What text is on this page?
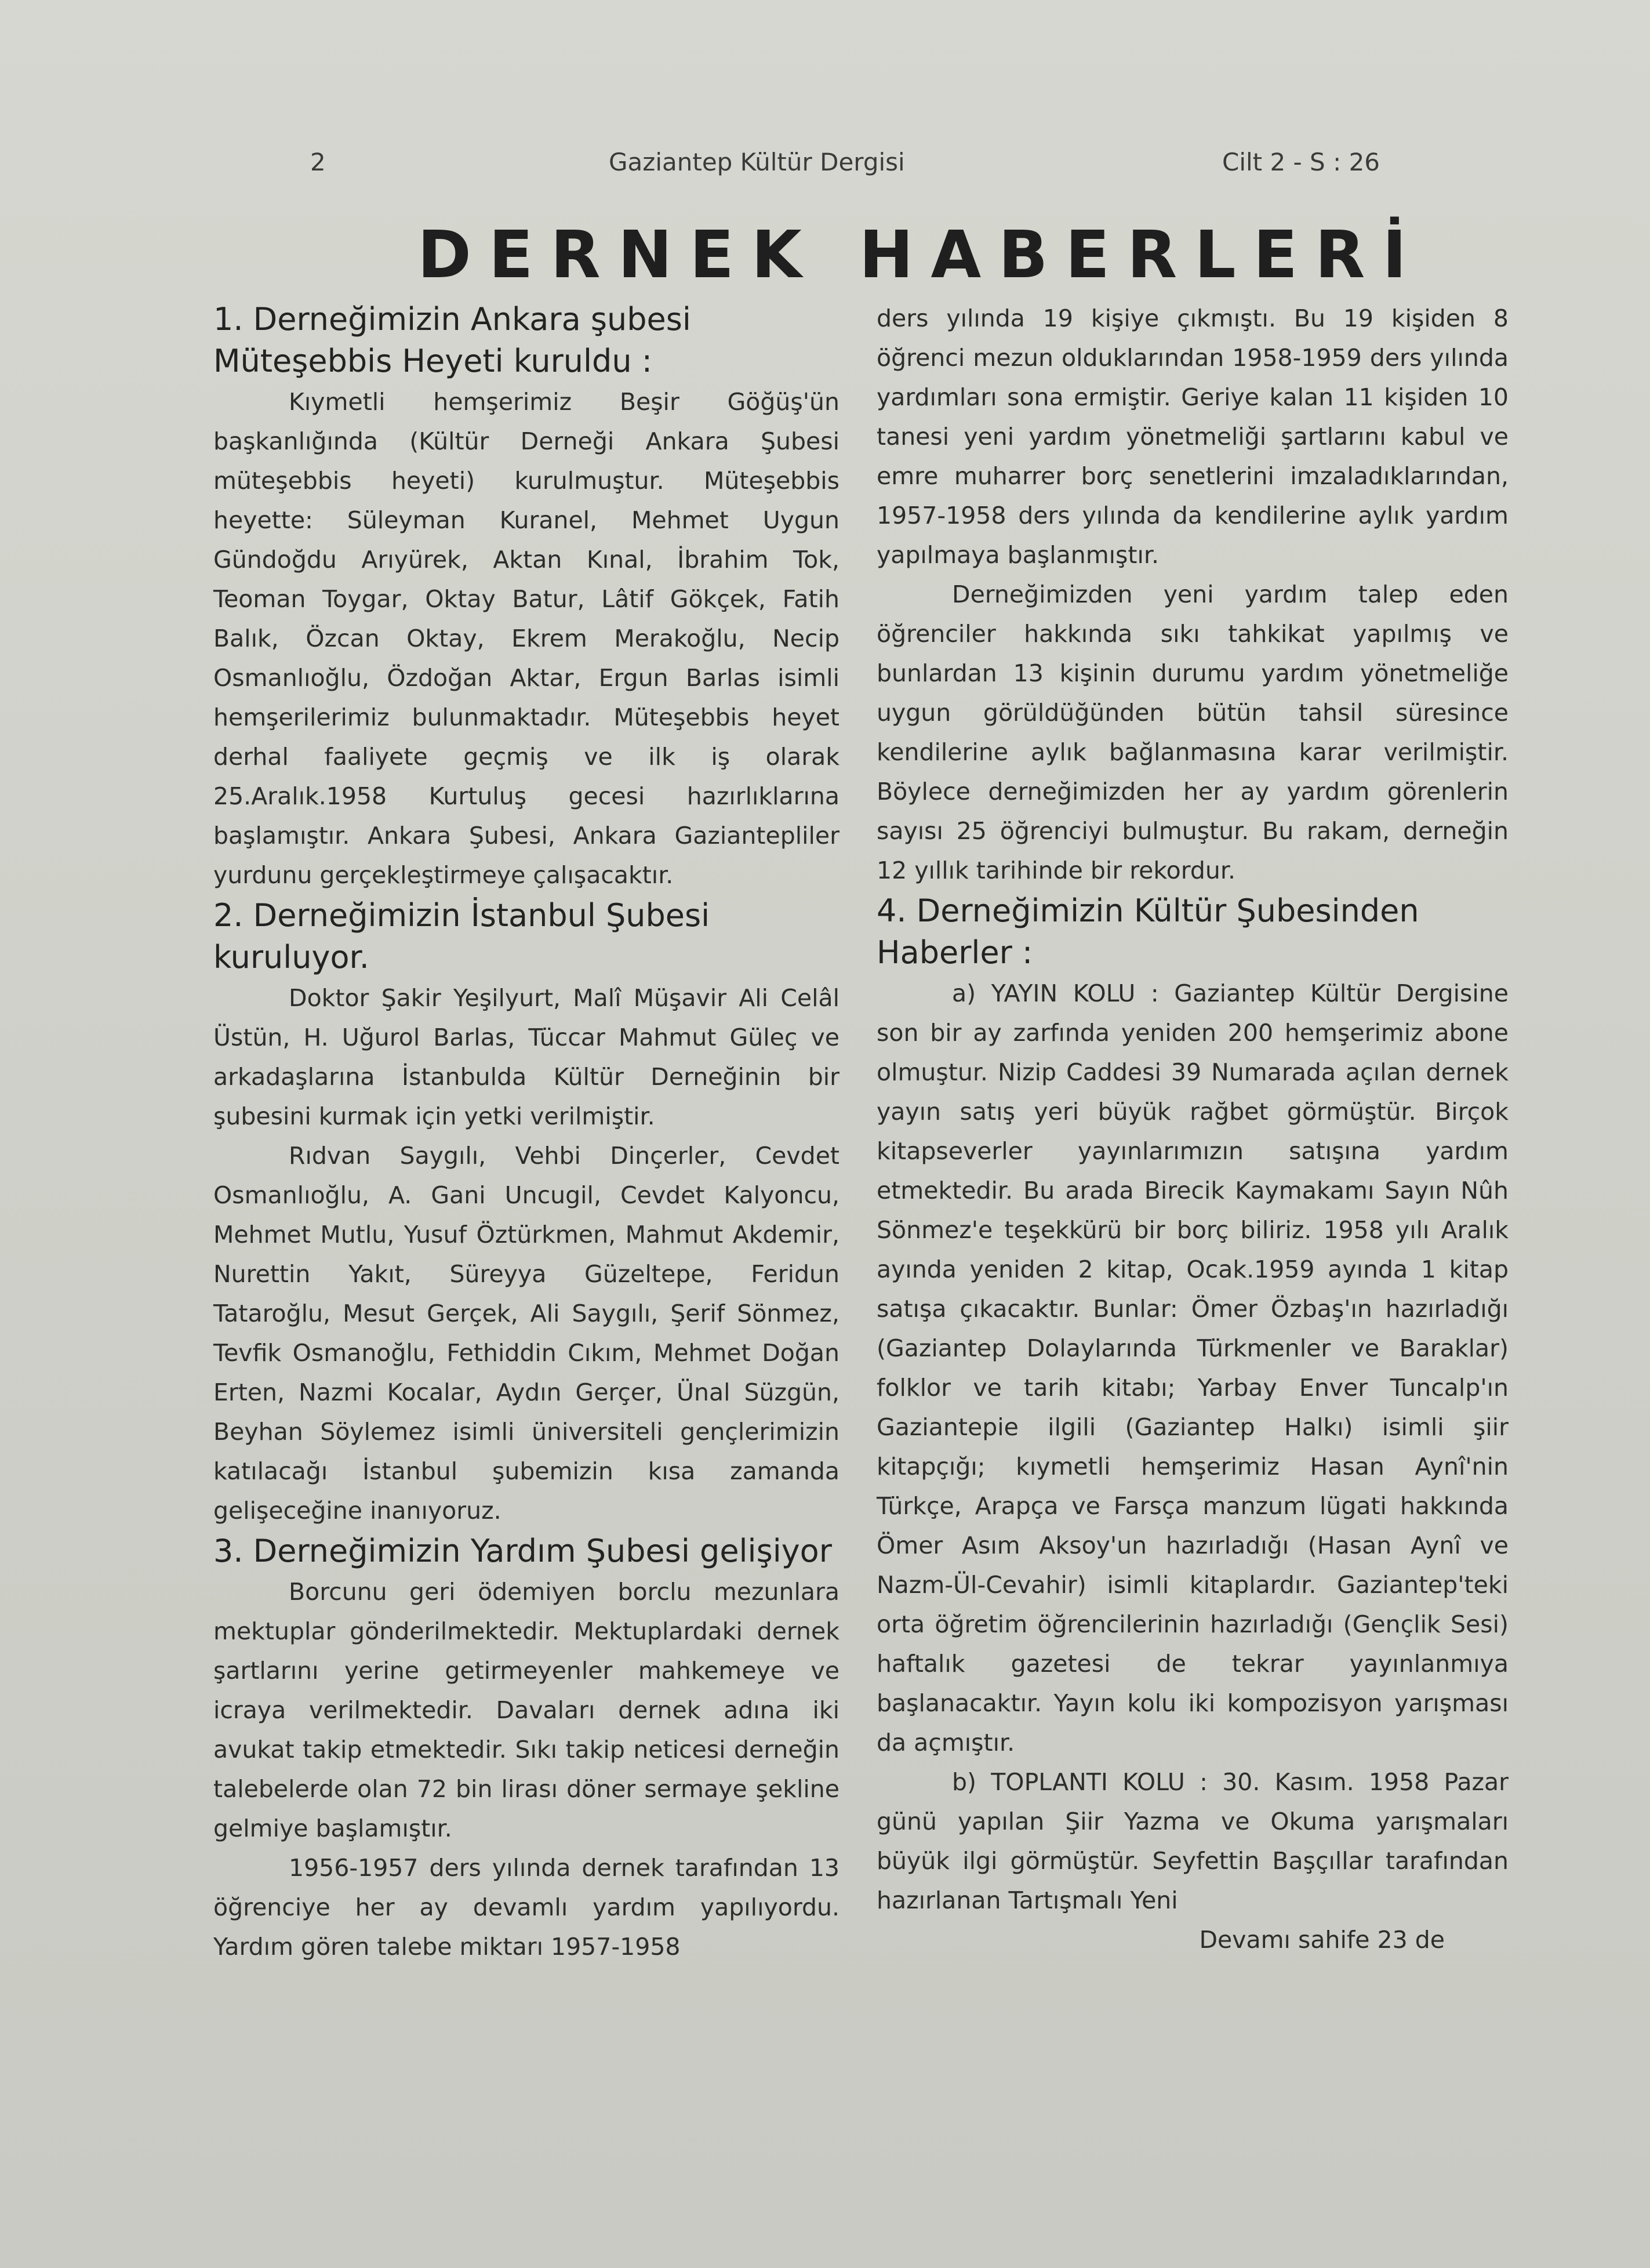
2	Gaziantep Kültür Dergisi	Cilt 2 - S : 26
DERNEK HABERLERİ
1. Derneğimizin Ankara şubesi Müteşebbis Heyeti kuruldu :

Kıymetli hemşerimiz Beşir Göğüş'ün başkanlığında (Kültür Derneği Ankara Şubesi müteşebbis heyeti) kurulmuştur. Müteşebbis heyette: Süleyman Kuranel, Mehmet Uygun Gündoğdu Arıyürek, Aktan Kınal, İbrahim Tok, Teoman Toygar, Oktay Batur, Lâtif Gökçek, Fatih Balık, Özcan Oktay, Ekrem Merakoğlu, Necip Osmanlıoğlu, Özdoğan Aktar, Ergun Barlas isimli hemşerilerimiz bulunmaktadır. Müteşebbis heyet derhal faaliyete geçmiş ve ilk iş olarak 25.Aralık.1958 Kurtuluş gecesi hazırlıklarına başlamıştır. Ankara Şubesi, Ankara Gaziantepliler yurdunu gerçekleştirmeye çalışacaktır.

2. Derneğimizin İstanbul Şubesi kuruluyor.

Doktor Şakir Yeşilyurt, Malî Müşavir Ali Celâl Üstün, H. Uğurol Barlas, Tüccar Mahmut Güleç ve arkadaşlarına İstanbulda Kültür Derneğinin bir şubesini kurmak için yetki verilmiştir.

Rıdvan Saygılı, Vehbi Dinçerler, Cevdet Osmanlıoğlu, A. Gani Uncugil, Cevdet Kalyoncu, Mehmet Mutlu, Yusuf Öztürkmen, Mahmut Akdemir, Nurettin Yakıt, Süreyya Güzeltepe, Feridun Tataroğlu, Mesut Gerçek, Ali Saygılı, Şerif Sönmez, Tevfik Osmanoğlu, Fethiddin Cıkım, Mehmet Doğan Erten, Nazmi Kocalar, Aydın Gerçer, Ünal Süzgün, Beyhan Söylemez isimli üniversiteli gençlerimizin katılacağı İstanbul şubemizin kısa zamanda gelişeceğine inanıyoruz.

3. Derneğimizin Yardım Şubesi gelişiyor

Borcunu geri ödemiyen borclu mezunlara mektuplar gönderilmektedir. Mektuplardaki dernek şartlarını yerine getirmeyenler mahkemeye ve icraya verilmektedir. Davaları dernek adına iki avukat takip etmektedir. Sıkı takip neticesi derneğin talebelerde olan 72 bin lirası döner sermaye şekline gelmiye başlamıştır.

1956-1957 ders yılında dernek tarafından 13 öğrenciye her ay devamlı yardım yapılıyordu. Yardım gören talebe miktarı 1957-1958

ders yılında 19 kişiye çıkmıştı. Bu 19 kişiden 8 öğrenci mezun olduklarından 1958-1959 ders yılında yardımları sona ermiştir. Geriye kalan 11 kişiden 10 tanesi yeni yardım yönetmeliği şartlarını kabul ve emre muharrer borç senetlerini imzaladıklarından, 1957-1958 ders yılında da kendilerine aylık yardım yapılmaya başlanmıştır.

Derneğimizden yeni yardım talep eden öğrenciler hakkında sıkı tahkikat yapılmış ve bunlardan 13 kişinin durumu yardım yönetmeliğe uygun görüldüğünden bütün tahsil süresince kendilerine aylık bağlanmasına karar verilmiştir. Böylece derneğimizden her ay yardım görenlerin sayısı 25 öğrenciyi bulmuştur. Bu rakam, derneğin 12 yıllık tarihinde bir rekordur.

4. Derneğimizin Kültür Şubesinden Haberler :

a) YAYIN KOLU : Gaziantep Kültür Dergisine son bir ay zarfında yeniden 200 hemşerimiz abone olmuştur. Nizip Caddesi 39 Numarada açılan dernek yayın satış yeri büyük rağbet görmüştür. Birçok kitapseverler yayınlarımızın satışına yardım etmektedir. Bu arada Birecik Kaymakamı Sayın Nûh Sönmez'e teşekkürü bir borç biliriz. 1958 yılı Aralık ayında yeniden 2 kitap, Ocak.1959 ayında 1 kitap satışa çıkacaktır. Bunlar: Ömer Özbaş'ın hazırladığı (Gaziantep Dolaylarında Türkmenler ve Baraklar) folklor ve tarih kitabı; Yarbay Enver Tuncalp'ın Gaziantepie ilgili (Gaziantep Halkı) isimli şiir kitapçığı; kıymetli hemşerimiz Hasan Aynî'nin Türkçe, Arapça ve Farsça manzum lügati hakkında Ömer Asım Aksoy'un hazırladığı (Hasan Aynî ve Nazm-Ül-Cevahir) isimli kitaplardır. Gaziantep'teki orta öğretim öğrencilerinin hazırladığı (Gençlik Sesi) haftalık gazetesi de tekrar yayınlanmıya başlanacaktır. Yayın kolu iki kompozisyon yarışması da açmıştır.

b) TOPLANTI KOLU : 30. Kasım. 1958 Pazar günü yapılan Şiir Yazma ve Okuma yarışmaları büyük ilgi görmüştür. Seyfettin Başçıllar tarafından hazırlanan Tartışmalı Yeni

Devamı sahife 23 de
